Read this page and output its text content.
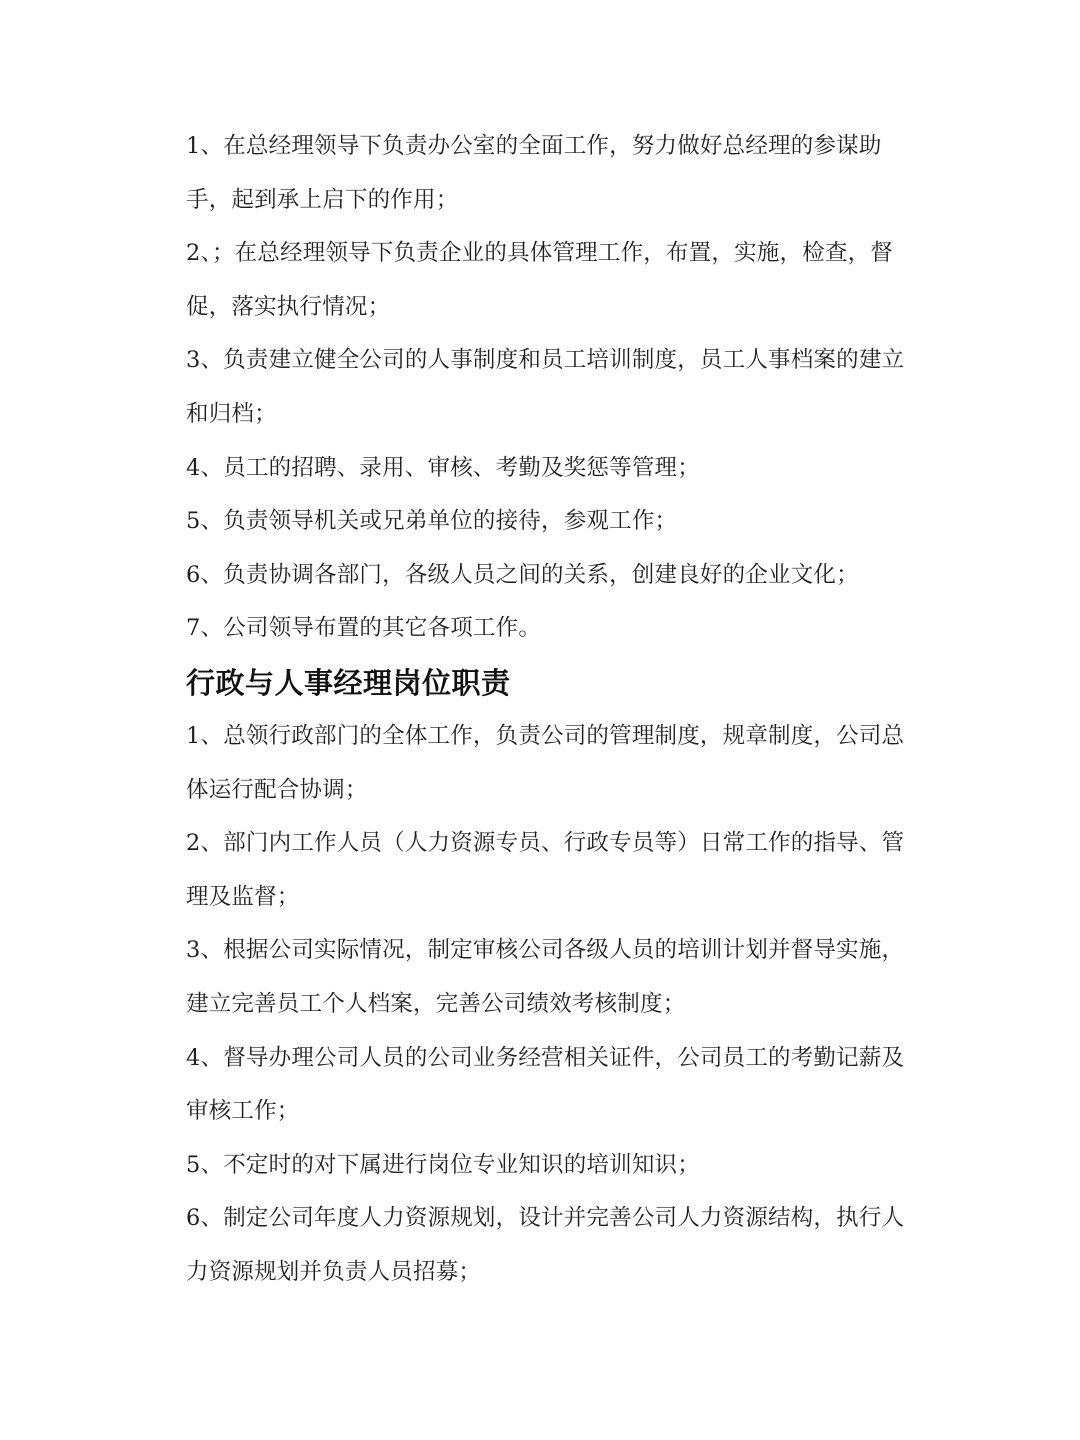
1、在总经理领导下负责办公室的全面工作，努力做好总经理的参谋助手，起到承上启下的作用；

2、；在总经理领导下负责企业的具体管理工作，布置，实施，检查，督促，落实执行情况；

3、负责建立健全公司的人事制度和员工培训制度，员工人事档案的建立和归档；

4、员工的招聘、录用、审核、考勤及奖惩等管理；

5、负责领导机关或兄弟单位的接待，参观工作；

6、负责协调各部门，各级人员之间的关系，创建良好的企业文化；

7、公司领导布置的其它各项工作。

行政与人事经理岗位职责

1、总领行政部门的全体工作，负责公司的管理制度，规章制度，公司总体运行配合协调；

2、部门内工作人员（人力资源专员、行政专员等）日常工作的指导、管理及监督；

3、根据公司实际情况，制定审核公司各级人员的培训计划并督导实施，建立完善员工个人档案，完善公司绩效考核制度；

4、督导办理公司人员的公司业务经营相关证件，公司员工的考勤记薪及审核工作；

5、不定时的对下属进行岗位专业知识的培训知识；

6、制定公司年度人力资源规划，设计并完善公司人力资源结构，执行人力资源规划并负责人员招募；
